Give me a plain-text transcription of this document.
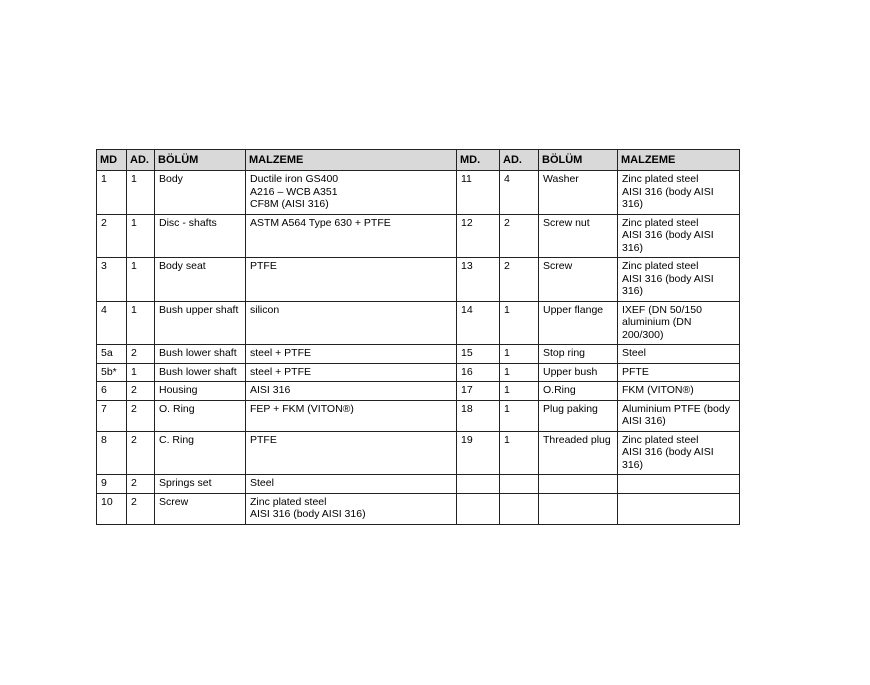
MD	AD.	BÖLÜM	MALZEME	MD.	AD.	BÖLÜM	MALZEME
1	1	Body	Ductile iron GS400
A216 – WCB A351
CF8M (AISI 316)	11	4	Washer	Zinc plated steel
AISI 316 (body AISI
316)
2	1	Disc - shafts	ASTM A564 Type 630 + PTFE	12	2	Screw nut	Zinc plated steel
AISI 316 (body AISI
316)
3	1	Body seat	PTFE	13	2	Screw	Zinc plated steel
AISI 316 (body AISI
316)
4	1	Bush upper shaft	silicon	14	1	Upper flange	IXEF (DN 50/150
aluminium (DN
200/300)
5a	2	Bush lower shaft	steel + PTFE	15	1	Stop ring	Steel
5b*	1	Bush lower shaft	steel + PTFE	16	1	Upper bush	PFTE
6	2	Housing	AISI 316	17	1	O.Ring	FKM (VITON®)
7	2	O. Ring	FEP + FKM (VITON®)	18	1	Plug paking	Aluminium PTFE (body
AISI 316)
8	2	C. Ring	PTFE	19	1	Threaded plug	Zinc plated steel
AISI 316 (body AISI
316)
9	2	Springs set	Steel				
10	2	Screw	Zinc plated steel
AISI 316 (body AISI 316)				
